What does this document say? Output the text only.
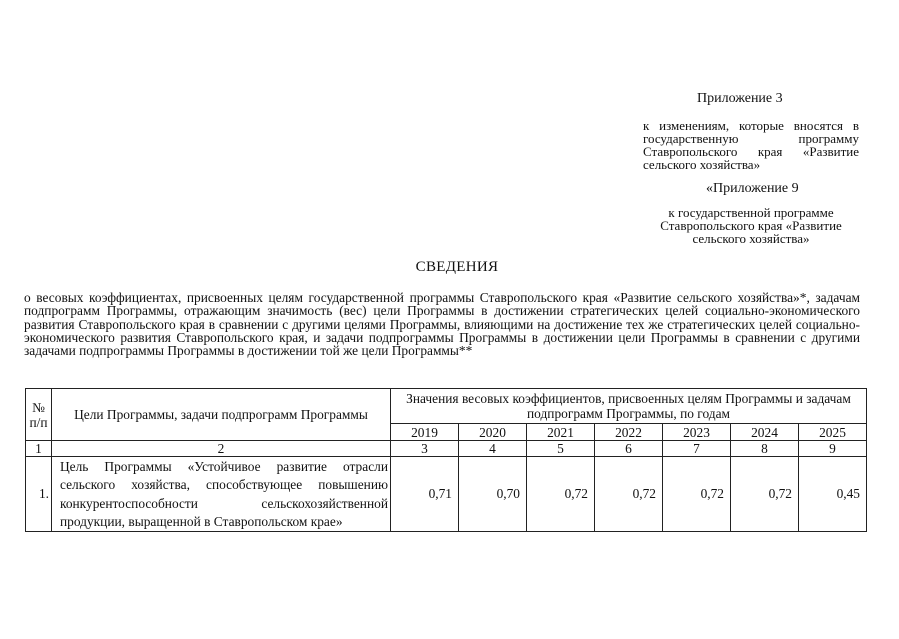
Приложение 3
к изменениям, которые вносятся в государственную программу Ставропольского края «Развитие сельского хозяйства»
«Приложение 9
к государственной программе Ставропольского края «Развитие сельского хозяйства»
СВЕДЕНИЯ
о весовых коэффициентах, присвоенных целям государственной программы Ставропольского края «Развитие сельского хозяйства»*, задачам подпрограмм Программы, отражающим значимость (вес) цели Программы в достижении стратегических целей социально-экономического развития Ставропольского края в сравнении с другими целями Программы, влияющими на достижение тех же стратегических целей социально-экономического развития Ставропольского края, и задачи подпрограммы Программы в достижении цели Программы в сравнении с другими задачами подпрограммы Программы в достижении той же цели Программы**
№ п/п	Цели Программы, задачи подпрограмм Программы	Значения весовых коэффициентов, присвоенных целям Программы и задачам подпрограмм Программы, по годам						
		2019	2020	2021	2022	2023	2024	2025
1	2	3	4	5	6	7	8	9
1.	Цель Программы «Устойчивое развитие отрасли сельского хозяйства, способствующее повышению конкурентоспособности сельскохозяйственной продукции, выращенной в Ставропольском крае»	0,71	0,70	0,72	0,72	0,72	0,72	0,45
